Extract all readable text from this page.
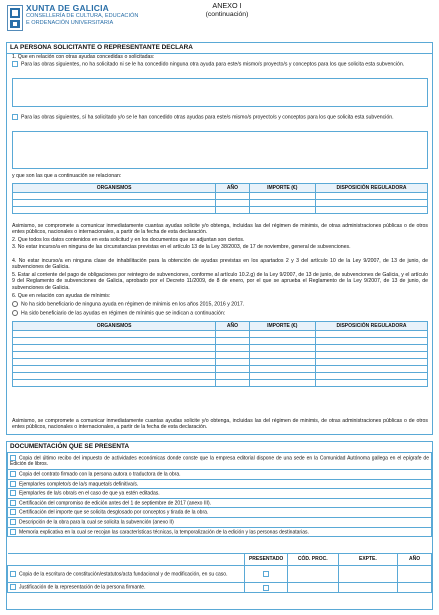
XUNTA DE GALICIA
CONSELLERÍA DE CULTURA, EDUCACIÓN
E ORDENACIÓN UNIVERSITARIA
ANEXO I
(continuación)
LA PERSONA SOLICITANTE O REPRESENTANTE DECLARA
1. Que en relación con otras ayudas concedidas o solicitadas:
Para las obras siguientes, no ha solicitado ni se le ha concedido ninguna otra ayuda para este/s mismo/s proyecto/s y conceptos para los que solicita esta subvención.
Para las obras siguientes, sí ha solicitado y/o se le han concedido otras ayudas para este/s mismo/s proyecto/s y conceptos para los que solicita esta subvención.
y que son las que a continuación se relacionan:
ORGANISMOS	AÑO	IMPORTE (€)	DISPOSICIÓN REGULADORA

Asimismo, se compromete a comunicar inmediatamente cuantas ayudas solicite y/o obtenga, incluidas las del régimen de minimis, de otras administraciones públicas o de otros entes públicos, nacionales o internacionales, a partir de la fecha de esta declaración.
2. Que todos los datos contenidos en esta solicitud y en los documentos que se adjuntan son ciertos.
3. No estar incurso/a en ninguna de las circunstancias previstas en el artículo 13 de la Ley 38/2003, de 17 de noviembre, general de subvenciones.
4. No estar incurso/a en ninguna clase de inhabilitación para la obtención de ayudas previstas en los apartados 2 y 3 del artículo 10 de la Ley 9/2007, de 13 de junio, de subvenciones de Galicia.
5. Estar al corriente del pago de obligaciones por reintegro de subvenciones, conforme al artículo 10.2.g) de la Ley 9/2007, de 13 de junio, de subvenciones de Galicia, y el artículo 9 del Reglamento de subvenciones de Galicia, aprobado por el Decreto 11/2009, de 8 de enero, por el que se aprueba el Reglamento de la Ley 9/2007, de 13 de junio, de subvenciones de Galicia.
6. Que en relación con ayudas de mínimis:
No ha sido beneficiario de ninguna ayuda en régimen de mínimis en los años 2015, 2016 y 2017.
Ha sido beneficiario de las ayudas en régimen de mínimis que se indican a continuación:
ORGANISMOS	AÑO	IMPORTE (€)	DISPOSICIÓN REGULADORA

Asimismo, se compromete a comunicar inmediatamente cuantas ayudas solicite y/o obtenga, incluidas las del régimen de minimis, de otras administraciones públicas o de otros entes públicos, nacionales o internacionales, a partir de la fecha de esta declaración.
DOCUMENTACIÓN QUE SE PRESENTA
Copia del último recibo del impuesto de actividades económicas donde conste que la empresa editorial dispone de una sede en la Comunidad Autónoma gallega en el epígrafe de Edición de libros.
Copia del contrato firmado con la persona autora o traductora de la obra.
Ejemplar/es completo/s de la/s maqueta/s definitiva/s.
Ejemplar/es de la/s obra/s en el caso de que ya estén editadas.
Certificación del compromiso de edición antes del 1 de septiembre de 2017 (anexo III).
Certificación del importe que se solicita desglosado por conceptos y tirada de la obra.
Descripción de la obra para la cual se solicita la subvención (anexo II)
Memoria explicativa en la cual se recojan las características técnicas, la temporalización de la edición y las personas destinatarias.
	PRESENTADO	CÓD. PROC.	EXPTE.	AÑO
Copia de la escritura de constitución/estatutos/acta fundacional y de modificación, en su caso.	

Justificación de la representación de la persona firmante.	
